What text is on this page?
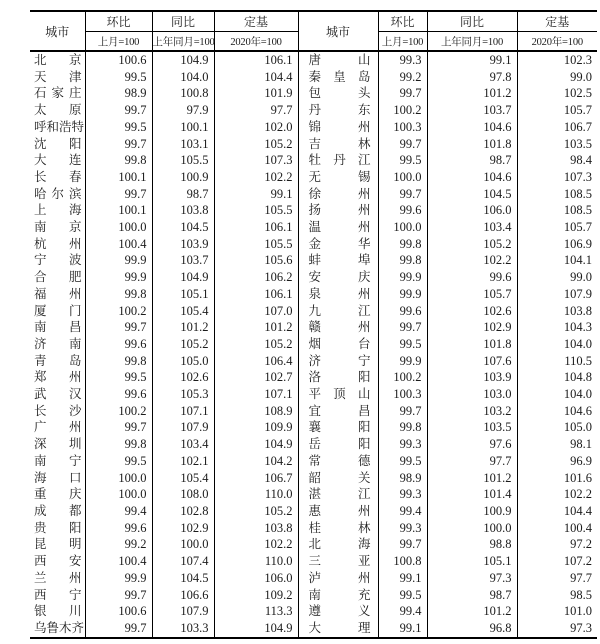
城市	环比	同比	定基	城市	环比	同比	定基
	上月=100	上年同月=100	2020年=100		上月=100	上年同月=100	2020年=100

北 京	100.6	104.9	106.1	唐 山	99.3	99.1	102.3

天 津	99.5	104.0	104.4	秦 皇 岛	99.2	97.8	99.0

石 家 庄	98.9	100.8	101.9	包 头	99.7	101.2	102.5

太 原	99.7	97.9	97.7	丹 东	100.2	103.7	105.7

呼 和 浩 特	99.5	100.1	102.0	锦 州	100.3	104.6	106.7

沈 阳	99.7	103.1	105.2	吉 林	99.7	101.8	103.5

大 连	99.8	105.5	107.3	牡 丹 江	99.5	98.7	98.4

长 春	100.1	100.9	102.2	无 锡	100.0	104.6	107.3

哈 尔 滨	99.7	98.7	99.1	徐 州	99.7	104.5	108.5

上 海	100.1	103.8	105.5	扬 州	99.6	106.0	108.5

南 京	100.0	104.5	106.1	温 州	100.0	103.4	105.7

杭 州	100.4	103.9	105.5	金 华	99.8	105.2	106.9

宁 波	99.9	103.7	105.6	蚌 埠	99.8	102.2	104.1

合 肥	99.9	104.9	106.2	安 庆	99.9	99.6	99.0

福 州	99.8	105.1	106.1	泉 州	99.9	105.7	107.9

厦 门	100.2	105.4	107.0	九 江	99.6	102.6	103.8

南 昌	99.7	101.2	101.2	赣 州	99.7	102.9	104.3

济 南	99.6	105.2	105.2	烟 台	99.5	101.8	104.0

青 岛	99.8	105.0	106.4	济 宁	99.9	107.6	110.5

郑 州	99.5	102.6	102.7	洛 阳	100.2	103.9	104.8

武 汉	99.6	105.3	107.1	平 顶 山	100.3	103.0	104.0

长 沙	100.2	107.1	108.9	宜 昌	99.7	103.2	104.6

广 州	99.7	107.9	109.9	襄 阳	99.8	103.5	105.0

深 圳	99.8	103.4	104.9	岳 阳	99.3	97.6	98.1

南 宁	99.5	102.1	104.2	常 德	99.5	97.7	96.9

海 口	100.0	105.4	106.7	韶 关	98.9	101.2	101.6

重 庆	100.0	108.0	110.0	湛 江	99.3	101.4	102.2

成 都	99.4	102.8	105.2	惠 州	99.4	100.9	104.4

贵 阳	99.6	102.9	103.8	桂 林	99.3	100.0	100.4

昆 明	99.2	100.0	102.2	北 海	99.7	98.8	97.2

西 安	100.4	107.4	110.0	三 亚	100.8	105.1	107.2

兰 州	99.9	104.5	106.0	泸 州	99.1	97.3	97.7

西 宁	99.7	106.6	109.2	南 充	99.5	98.7	98.5

银 川	100.6	107.9	113.3	遵 义	99.4	101.2	101.0

乌 鲁 木 齐	99.7	103.3	104.9	大 理	99.1	96.8	97.3
